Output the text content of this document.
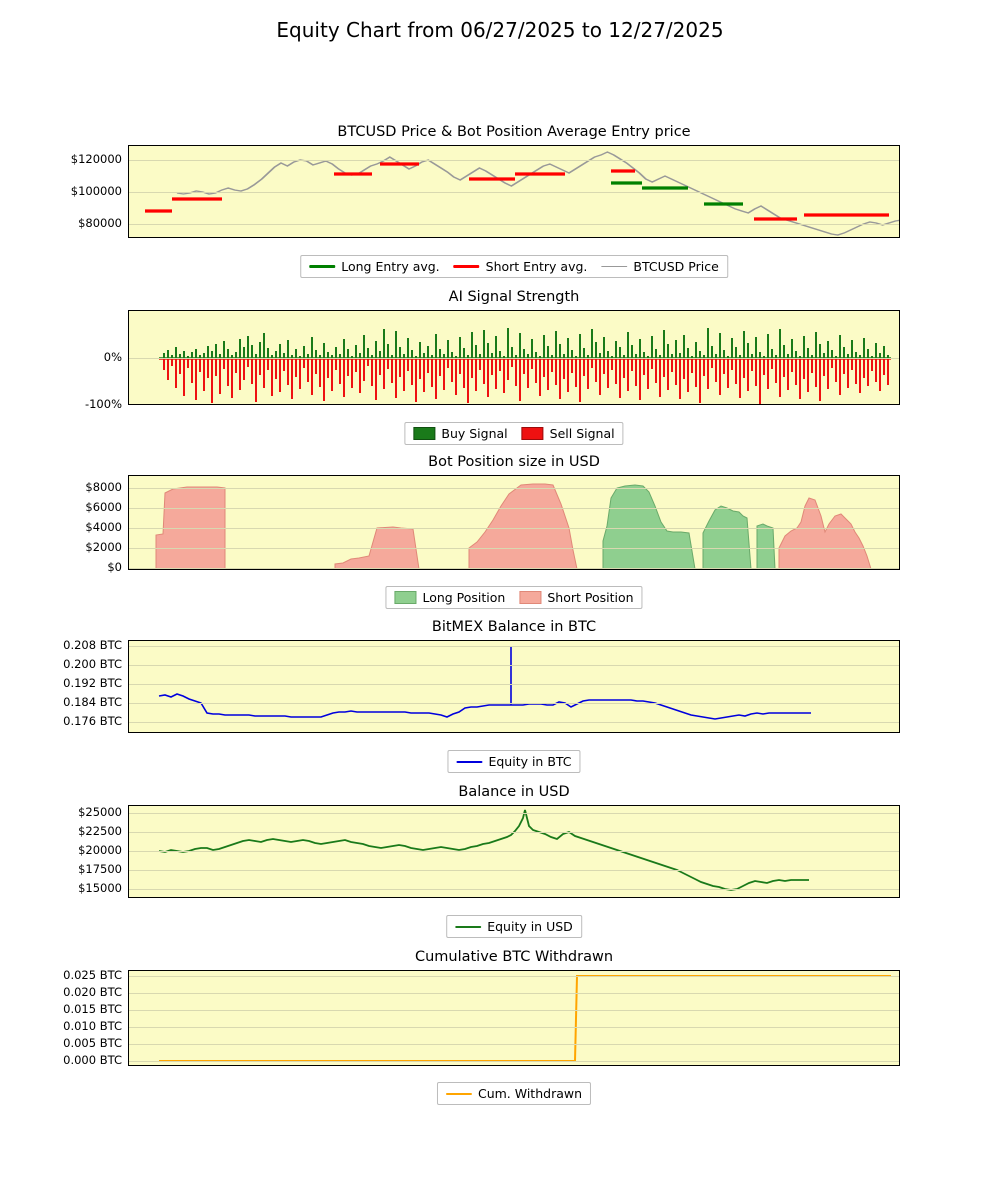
Equity Chart from 06/27/2025 to 12/27/2025
BTCUSD Price & Bot Position Average Entry price
$120000
$100000
$80000
Long Entry avg.	Short Entry avg.	BTCUSD Price
AI Signal Strength
0%
-100%
Buy Signal	Sell Signal
Bot Position size in USD
$8000
$6000
$4000
$2000
$0
Long Position	Short Position
BitMEX Balance in BTC
0.208 BTC
0.200 BTC
0.192 BTC
0.184 BTC
0.176 BTC
Equity in BTC
Balance in USD
$25000
$22500
$20000
$17500
$15000
Equity in USD
Cumulative BTC Withdrawn
0.025 BTC
0.020 BTC
0.015 BTC
0.010 BTC
0.005 BTC
0.000 BTC
Cum. Withdrawn
